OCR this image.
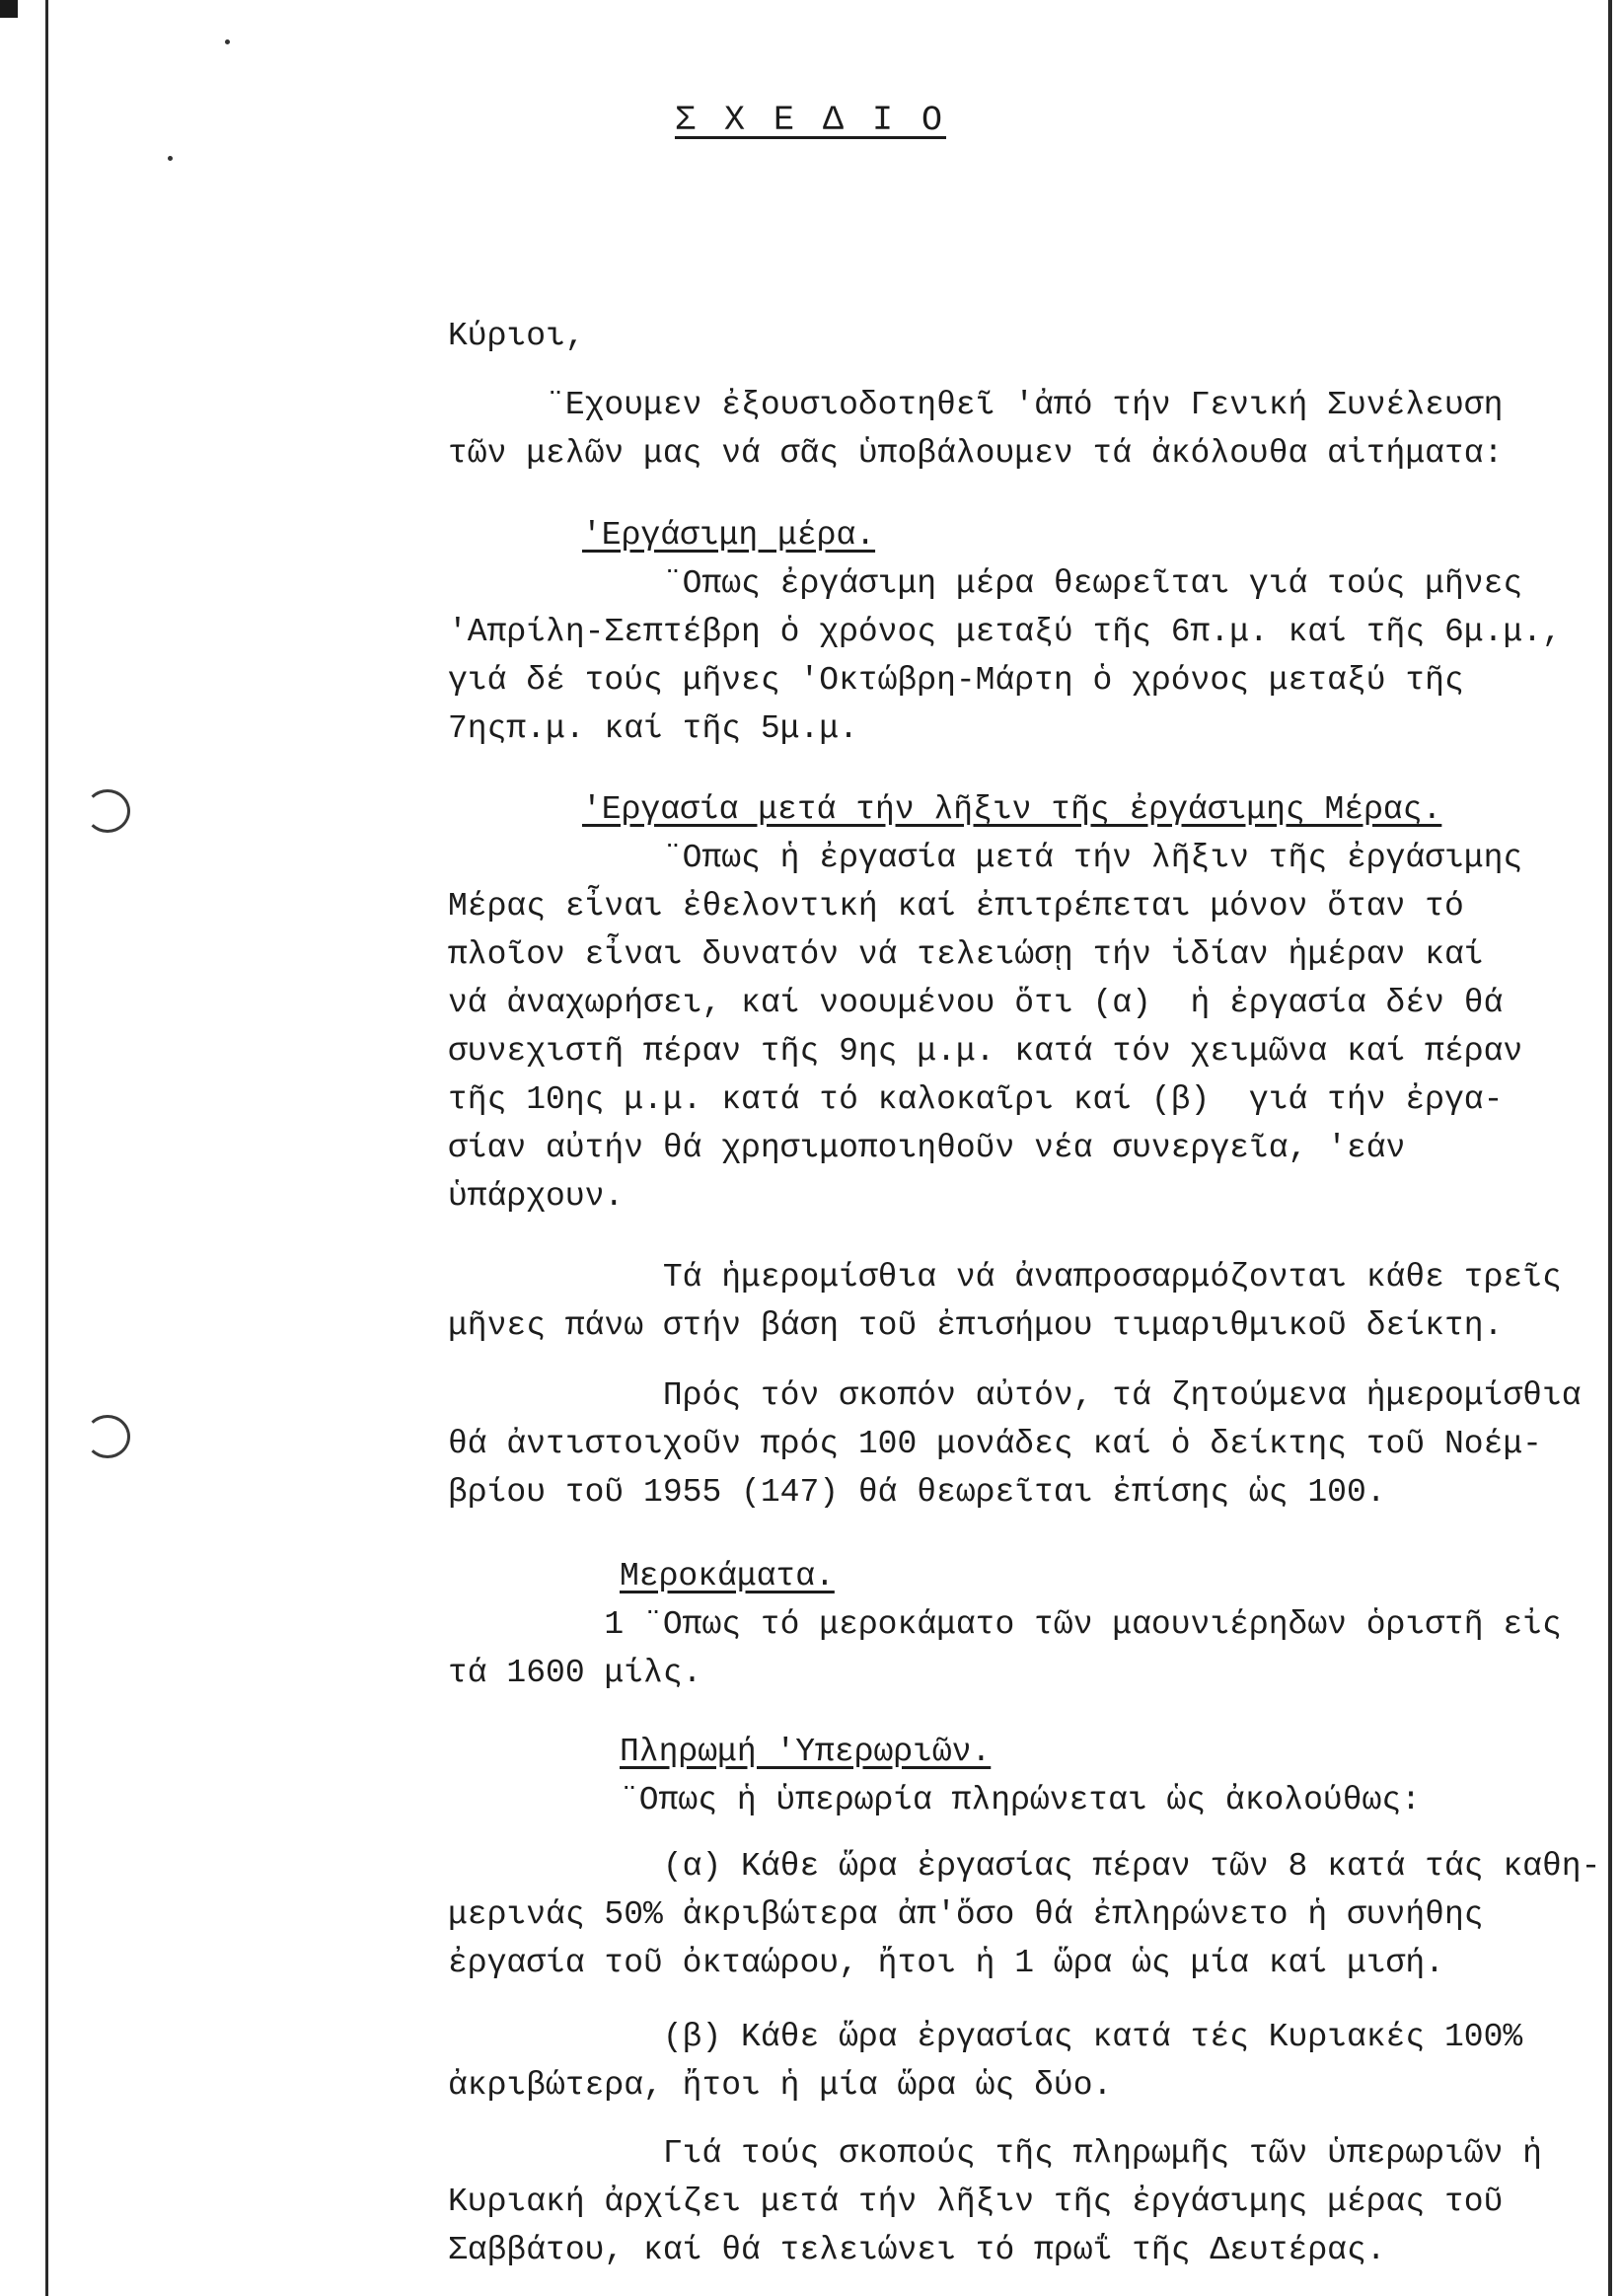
Σ Χ Ε Δ Ι Ο
Κύριοι,
¨Εχουμεν ἐξουσιοδοτηθεῖ 'ἀπό τήν Γενική Συνέλευση
τῶν μελῶν μας νά σᾶς ὑποβάλουμεν τά ἀκόλουθα αἰτήματα:
'Εργάσιμη μέρα.
¨Οπως ἐργάσιμη μέρα θεωρεῖται γιά τούς μῆνες
'Απρίλη-Σεπτέβρη ὁ χρόνος μεταξύ τῆς 6π.μ. καί τῆς 6μ.μ.,
γιά δέ τούς μῆνες 'Οκτώβρη-Μάρτη ὁ χρόνος μεταξύ τῆς
7ηςπ.μ. καί τῆς 5μ.μ.
'Εργασία μετά τήν λῆξιν τῆς ἐργάσιμης Μέρας.
¨Οπως ἡ ἐργασία μετά τήν λῆξιν τῆς ἐργάσιμης
Μέρας εἶναι ἐθελοντική καί ἐπιτρέπεται μόνον ὅταν τό
πλοῖον εἶναι δυνατόν νά τελειώσῃ τήν ἰδίαν ἡμέραν καί
νά ἀναχωρήσει, καί νοουμένου ὅτι (α)  ἡ ἐργασία δέν θά
συνεχιστῆ πέραν τῆς 9ης μ.μ. κατά τόν χειμῶνα καί πέραν
τῆς 10ης μ.μ. κατά τό καλοκαῖρι καί (β)  γιά τήν ἐργα-
σίαν αὐτήν θά χρησιμοποιηθοῦν νέα συνεργεῖα, 'εάν
ὑπάρχουν.
Τά ἡμερομίσθια νά ἀναπροσαρμόζονται κάθε τρεῖς
μῆνες πάνω στήν βάση τοῦ ἐπισήμου τιμαριθμικοῦ δείκτη.
Πρός τόν σκοπόν αὐτόν, τά ζητούμενα ἡμερομίσθια
θά ἀντιστοιχοῦν πρός 100 μονάδες καί ὁ δείκτης τοῦ Νοέμ-
βρίου τοῦ 1955 (147) θά θεωρεῖται ἐπίσης ὡς 100.
Μεροκάματα.
1 ¨Οπως τό μεροκάματο τῶν μαουνιέρηδων ὁριστῆ εἰς
τά 1600 μίλς.
Πληρωμή 'Υπερωριῶν.
¨Οπως ἡ ὑπερωρία πληρώνεται ὡς ἀκολούθως:
(α) Κάθε ὥρα ἐργασίας πέραν τῶν 8 κατά τάς καθη-
μερινάς 50% ἀκριβώτερα ἀπ'ὅσο θά ἐπληρώνετο ἡ συνήθης
ἐργασία τοῦ ὀκταώρου, ἤτοι ἡ 1 ὥρα ὡς μία καί μισή.
(β) Κάθε ὥρα ἐργασίας κατά τές Κυριακές 100%
ἀκριβώτερα, ἤτοι ἡ μία ὥρα ὡς δύο.
Γιά τούς σκοπούς τῆς πληρωμῆς τῶν ὑπερωριῶν ἡ
Κυριακή ἀρχίζει μετά τήν λῆξιν τῆς ἐργάσιμης μέρας τοῦ
Σαββάτου, καί θά τελειώνει τό πρωΐ τῆς Δευτέρας.
